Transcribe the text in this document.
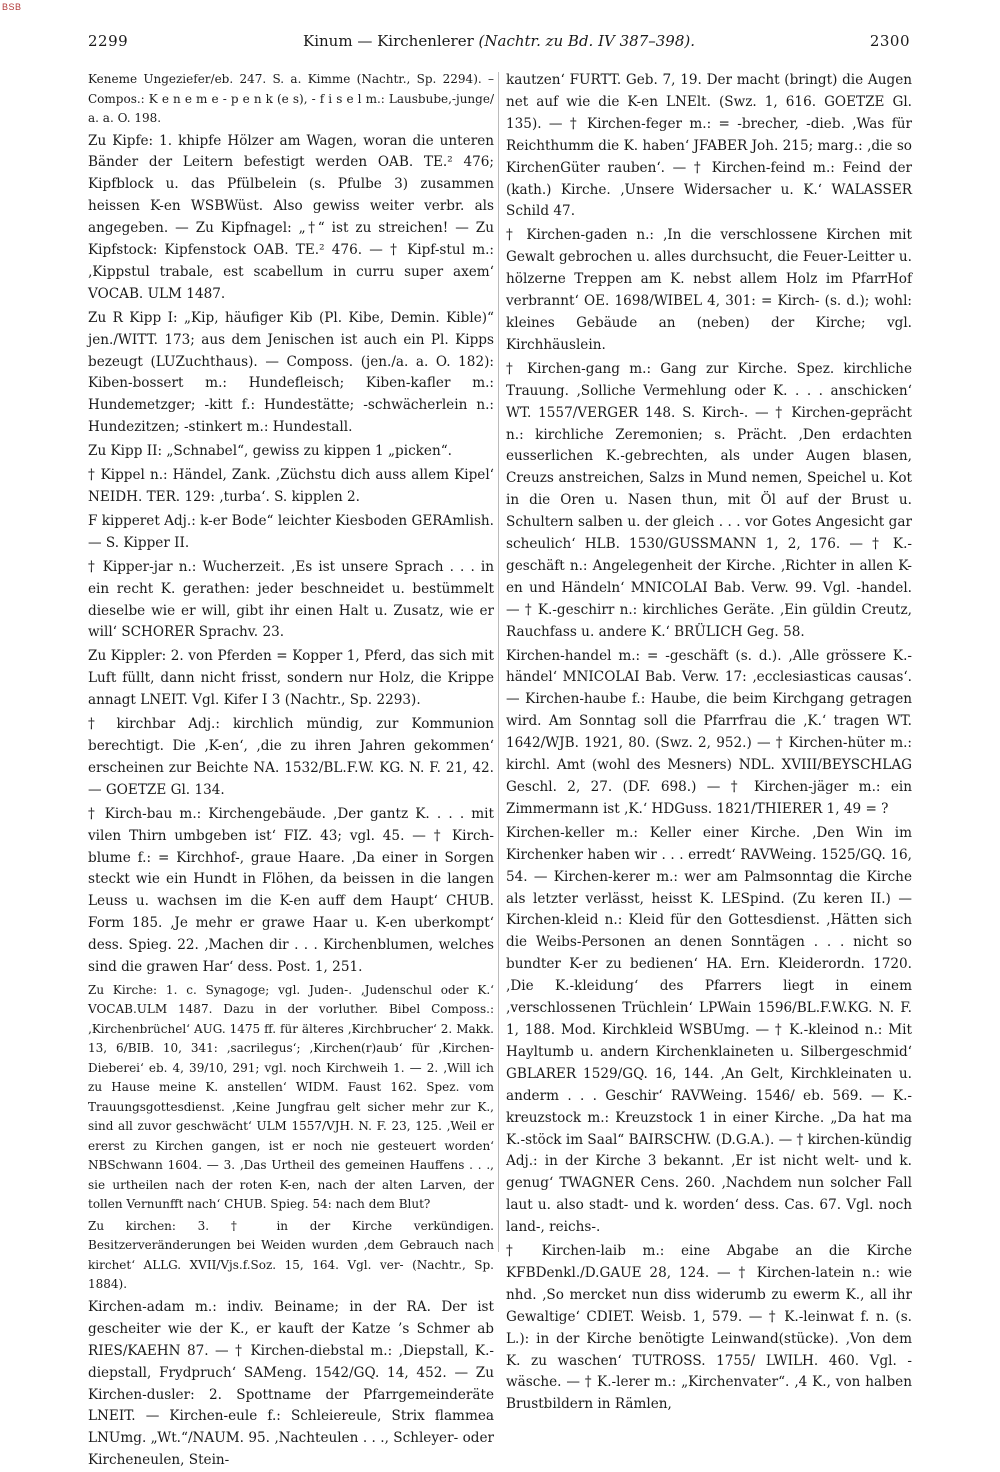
BSB
2299	Kinum — Kirchenlerer (Nachtr. zu Bd. IV 387–398).	2300

Keneme Ungeziefer/eb. 247. S. a. Kimme (Nachtr., Sp. 2294). – Compos.: K e n e m e - p e n k (e s), - f i s e l m.: Lausbube,-junge/ a. a. O. 198.

Zu Kipfe: 1. khipfe Hölzer am Wagen, woran die unteren Bänder der Leitern befestigt werden OAB. TE.² 476; Kipfblock u. das Pfülbelein (s. Pfulbe 3) zusammen heissen K-en WSBWüst. Also gewiss weiter verbr. als angegeben. — Zu Kipfnagel: „†“ ist zu streichen! — Zu Kipfstock: Kipfenstock OAB. TE.² 476. — † Kipf-stul m.: ‚Kippstul trabale, est scabellum in curru super axem‘ VOCAB. ULM 1487.

Zu R Kipp I: „Kip, häufiger Kib (Pl. Kibe, Demin. Kible)“ jen./WITT. 173; aus dem Jenischen ist auch ein Pl. Kipps bezeugt (LUZuchthaus). — Composs. (jen./a. a. O. 182): Kiben-bossert m.: Hundefleisch; Kiben-kafler m.: Hundemetzger; -kitt f.: Hundestätte; -schwächerlein n.: Hundezitzen; -stinkert m.: Hundestall.

Zu Kipp II: „Schnabel“, gewiss zu kippen 1 „picken“.

† Kippel n.: Händel, Zank. ‚Züchstu dich auss allem Kipel‘ NEIDH. TER. 129: ‚turba‘. S. kipplen 2.

F kipperet Adj.: k-er Bode“ leichter Kiesboden GERAmlish. — S. Kipper II.

† Kipper-jar n.: Wucherzeit. ‚Es ist unsere Sprach . . . in ein recht K. gerathen: jeder beschneidet u. bestümmelt dieselbe wie er will, gibt ihr einen Halt u. Zusatz, wie er will‘ SCHORER Sprachv. 23.

Zu Kippler: 2. von Pferden = Kopper 1, Pferd, das sich mit Luft füllt, dann nicht frisst, sondern nur Holz, die Krippe annagt LNEIT. Vgl. Kifer I 3 (Nachtr., Sp. 2293).

† kirchbar Adj.: kirchlich mündig, zur Kommunion berechtigt. Die ‚K-en‘, ‚die zu ihren Jahren gekommen‘ erscheinen zur Beichte NA. 1532/BL.F.W. KG. N. F. 21, 42. — GOETZE Gl. 134.

† Kirch-bau m.: Kirchengebäude. ‚Der gantz K. . . . mit vilen Thirn umbgeben ist‘ FIZ. 43; vgl. 45. — † Kirch-blume f.: = Kirchhof-, graue Haare. ‚Da einer in Sorgen steckt wie ein Hundt in Flöhen, da beissen in die langen Leuss u. wachsen im die K-en auff dem Haupt‘ CHUB. Form 185. ‚Je mehr er grawe Haar u. K-en uberkompt‘ dess. Spieg. 22. ‚Machen dir . . . Kirchenblumen, welches sind die grawen Har‘ dess. Post. 1, 251.

Zu Kirche: 1. c. Synagoge; vgl. Juden-. ‚Judenschul oder K.‘ VOCAB.ULM 1487. Dazu in der vorluther. Bibel Composs.: ‚Kirchenbrüchel‘ AUG. 1475 ff. für älteres ‚Kirchbrucher‘ 2. Makk. 13, 6/BIB. 10, 341: ‚sacrilegus‘; ‚Kirchen(r)aub‘ für ‚Kirchen-Dieberei‘ eb. 4, 39/10, 291; vgl. noch Kirchweih 1. — 2. ‚Will ich zu Hause meine K. anstellen‘ WIDM. Faust 162. Spez. vom Trauungsgottesdienst. ‚Keine Jungfrau gelt sicher mehr zur K., sind all zuvor geschwächt‘ ULM 1557/VJH. N. F. 23, 125. ‚Weil er ererst zu Kirchen gangen, ist er noch nie gesteuert worden‘ NBSchwann 1604. — 3. ‚Das Urtheil des gemeinen Hauffens . . ., sie urtheilen nach der roten K-en, nach der alten Larven, der tollen Vernunfft nach‘ CHUB. Spieg. 54: nach dem Blut?

Zu kirchen: 3. † in der Kirche verkündigen. Besitzerveränderungen bei Weiden wurden ‚dem Gebrauch nach kirchet‘ ALLG. XVII/Vjs.f.Soz. 15, 164. Vgl. ver- (Nachtr., Sp. 1884).

Kirchen-adam m.: indiv. Beiname; in der RA. Der ist gescheiter wie der K., er kauft der Katze ’s Schmer ab RIES/KAEHN 87. — † Kirchen-diebstal m.: ‚Diepstall, K.-diepstall, Frydpruch‘ SAMeng. 1542/GQ. 14, 452. — Zu Kirchen-dusler: 2. Spottname der Pfarrgemeinderäte LNEIT. — Kirchen-eule f.: Schleiereule, Strix flammea LNUmg. „Wt.“/NAUM. 95. ‚Nachteulen . . ., Schleyer- oder Kircheneulen, Stein-

kautzen‘ FURTT. Geb. 7, 19. Der macht (bringt) die Augen net auf wie die K-en LNElt. (Swz. 1, 616. GOETZE Gl. 135). — † Kirchen-feger m.: = -brecher, -dieb. ‚Was für Reichthumm die K. haben‘ JFABER Joh. 215; marg.: ‚die so KirchenGüter rauben‘. — † Kirchen-feind m.: Feind der (kath.) Kirche. ‚Unsere Widersacher u. K.‘ WALASSER Schild 47.

† Kirchen-gaden n.: ‚In die verschlossene Kirchen mit Gewalt gebrochen u. alles durchsucht, die Feuer-Leitter u. hölzerne Treppen am K. nebst allem Holz im PfarrHof verbrannt‘ OE. 1698/WIBEL 4, 301: = Kirch- (s. d.); wohl: kleines Gebäude an (neben) der Kirche; vgl. Kirchhäuslein.

† Kirchen-gang m.: Gang zur Kirche. Spez. kirchliche Trauung. ‚Solliche Vermehlung oder K. . . . anschicken‘ WT. 1557/VERGER 148. S. Kirch-. — † Kirchen-geprächt n.: kirchliche Zeremonien; s. Prächt. ‚Den erdachten eusserlichen K.-gebrechten, als under Augen blasen, Creuzs anstreichen, Salzs in Mund nemen, Speichel u. Kot in die Oren u. Nasen thun, mit Öl auf der Brust u. Schultern salben u. der gleich . . . vor Gotes Angesicht gar scheulich‘ HLB. 1530/GUSSMANN 1, 2, 176. — † K.-geschäft n.: Angelegenheit der Kirche. ‚Richter in allen K-en und Händeln‘ MNICOLAI Bab. Verw. 99. Vgl. -handel. — † K.-geschirr n.: kirchliches Geräte. ‚Ein güldin Creutz, Rauchfass u. andere K.‘ BRÜLICH Geg. 58.

Kirchen-handel m.: = -geschäft (s. d.). ‚Alle grössere K.-händel‘ MNICOLAI Bab. Verw. 17: ‚ecclesiasticas causas‘. — Kirchen-haube f.: Haube, die beim Kirchgang getragen wird. Am Sonntag soll die Pfarrfrau die ‚K.‘ tragen WT. 1642/WJB. 1921, 80. (Swz. 2, 952.) — † Kirchen-hüter m.: kirchl. Amt (wohl des Mesners) NDL. XVIII/BEYSCHLAG Geschl. 2, 27. (DF. 698.) — † Kirchen-jäger m.: ein Zimmermann ist ‚K.‘ HDGuss. 1821/THIERER 1, 49 = ?

Kirchen-keller m.: Keller einer Kirche. ‚Den Win im Kirchenker haben wir . . . erredt‘ RAVWeing. 1525/GQ. 16, 54. — Kirchen-kerer m.: wer am Palmsonntag die Kirche als letzter verlässt, heisst K. LESpind. (Zu keren II.) — Kirchen-kleid n.: Kleid für den Gottesdienst. ‚Hätten sich die Weibs-Personen an denen Sonntägen . . . nicht so bundter K-er zu bedienen‘ HA. Ern. Kleiderordn. 1720. ‚Die K.-kleidung‘ des Pfarrers liegt in einem ‚verschlossenen Trüchlein‘ LPWain 1596/BL.F.W.KG. N. F. 1, 188. Mod. Kirchkleid WSBUmg. — † K.-kleinod n.: Mit Hayltumb u. andern Kirchenklaineten u. Silbergeschmid‘ GBLARER 1529/GQ. 16, 144. ‚An Gelt, Kirchkleinaten u. anderm . . . Geschir‘ RAVWeing. 1546/ eb. 569. — K.-kreuzstock m.: Kreuzstock 1 in einer Kirche. „Da hat ma K.-stöck im Saal“ BAIRSCHW. (D.G.A.). — † kirchen-kündig Adj.: in der Kirche 3 bekannt. ‚Er ist nicht welt- und k. genug‘ TWAGNER Cens. 260. ‚Nachdem nun solcher Fall laut u. also stadt- und k. worden‘ dess. Cas. 67. Vgl. noch land-, reichs-.

† Kirchen-laib m.: eine Abgabe an die Kirche KFBDenkl./D.GAUE 28, 124. — † Kirchen-latein n.: wie nhd. ‚So mercket nun diss widerumb zu ewerm K., all ihr Gewaltige‘ CDIET. Weisb. 1, 579. — † K.-leinwat f. n. (s. L.): in der Kirche benötigte Leinwand(stücke). ‚Von dem K. zu waschen‘ TUTROSS. 1755/ LWILH. 460. Vgl. -wäsche. — † K.-lerer m.: „Kirchenvater“. ‚4 K., von halben Brustbildern in Rämlen,
